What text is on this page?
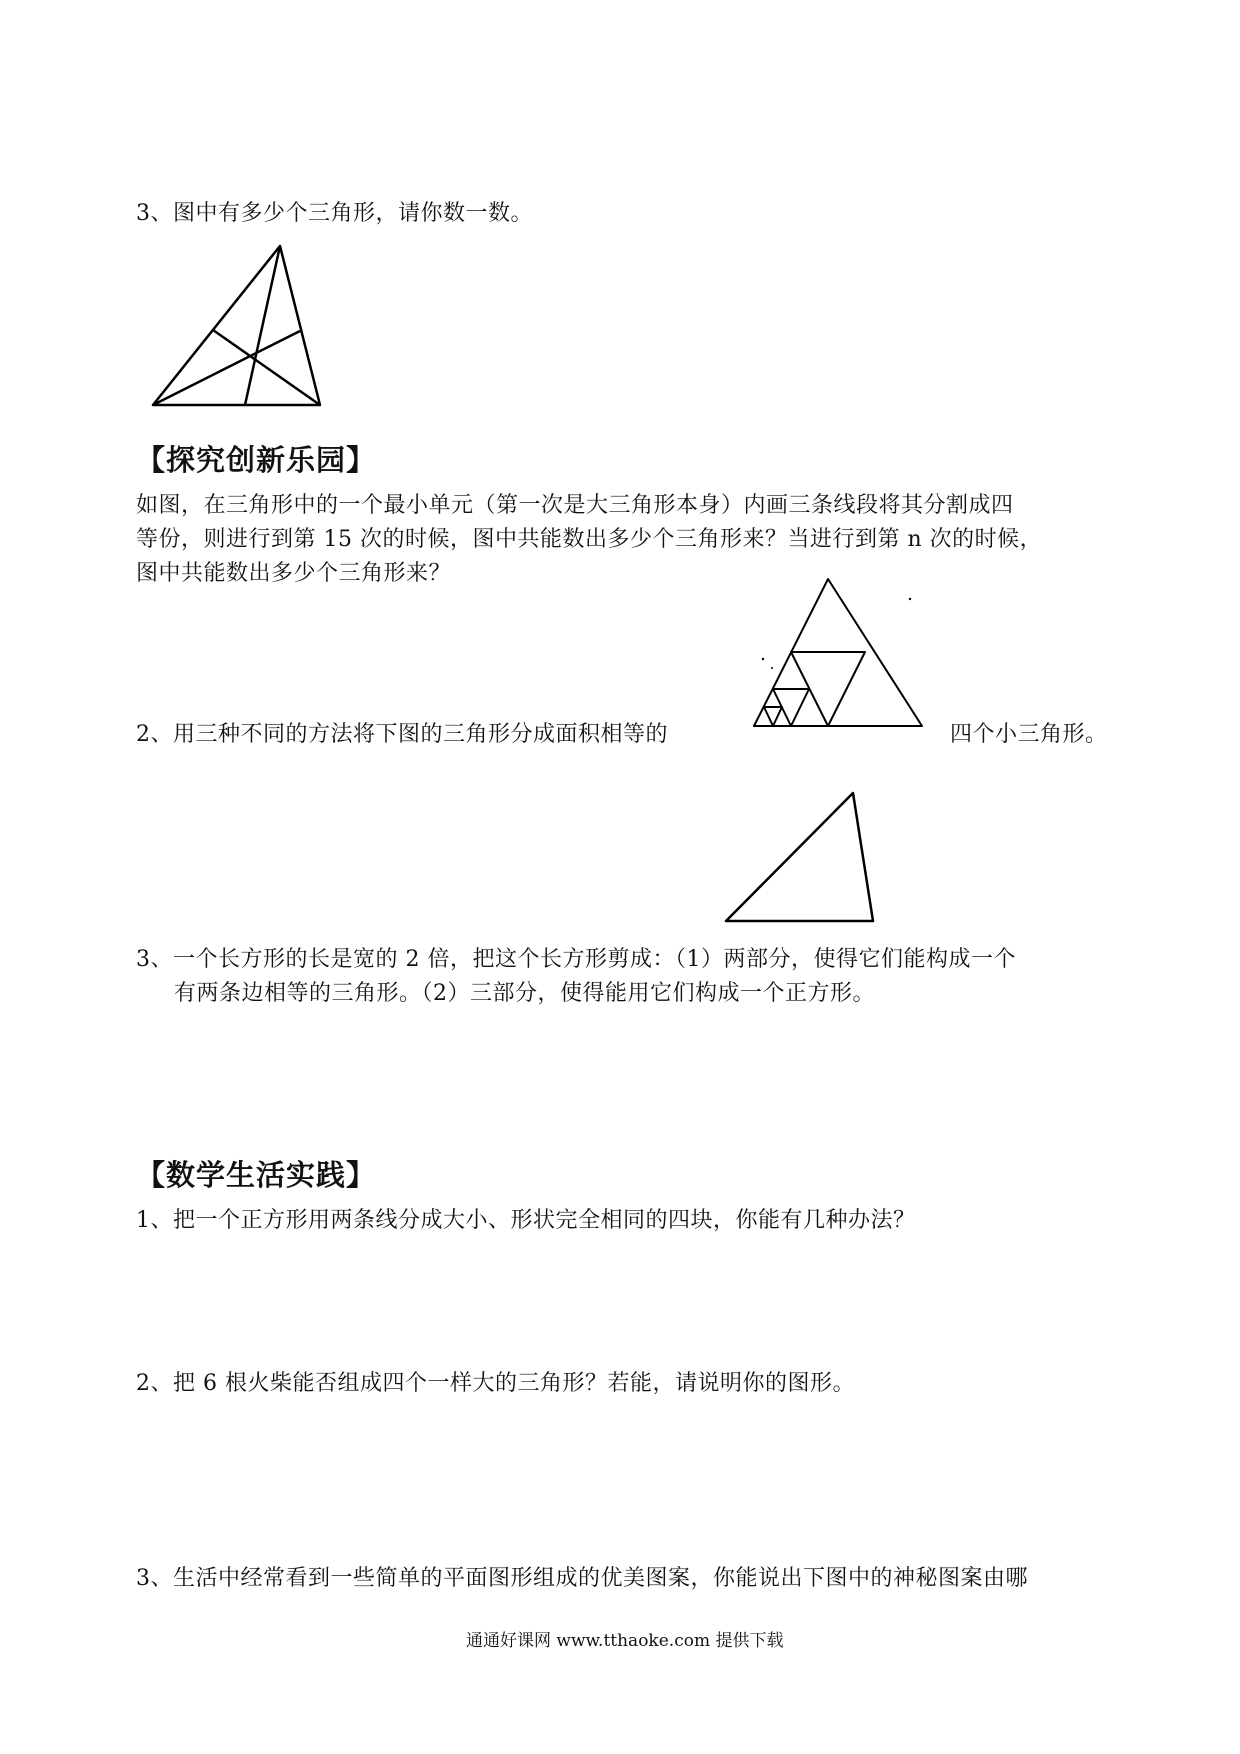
3、图中有多少个三角形，请你数一数。
【探究创新乐园】
如图，在三角形中的一个最小单元（第一次是大三角形本身）内画三条线段将其分割成四
等份，则进行到第 15 次的时候，图中共能数出多少个三角形来？当进行到第 n 次的时候，
图中共能数出多少个三角形来？
2、用三种不同的方法将下图的三角形分成面积相等的	四个小三角形。
3、一个长方形的长是宽的 2 倍，把这个长方形剪成：（1）两部分，使得它们能构成一个
有两条边相等的三角形。（2）三部分，使得能用它们构成一个正方形。
【数学生活实践】
1、把一个正方形用两条线分成大小、形状完全相同的四块，你能有几种办法？
2、把 6 根火柴能否组成四个一样大的三角形？若能，请说明你的图形。
3、生活中经常看到一些简单的平面图形组成的优美图案，你能说出下图中的神秘图案由哪
通通好课网 www.tthaoke.com 提供下载
